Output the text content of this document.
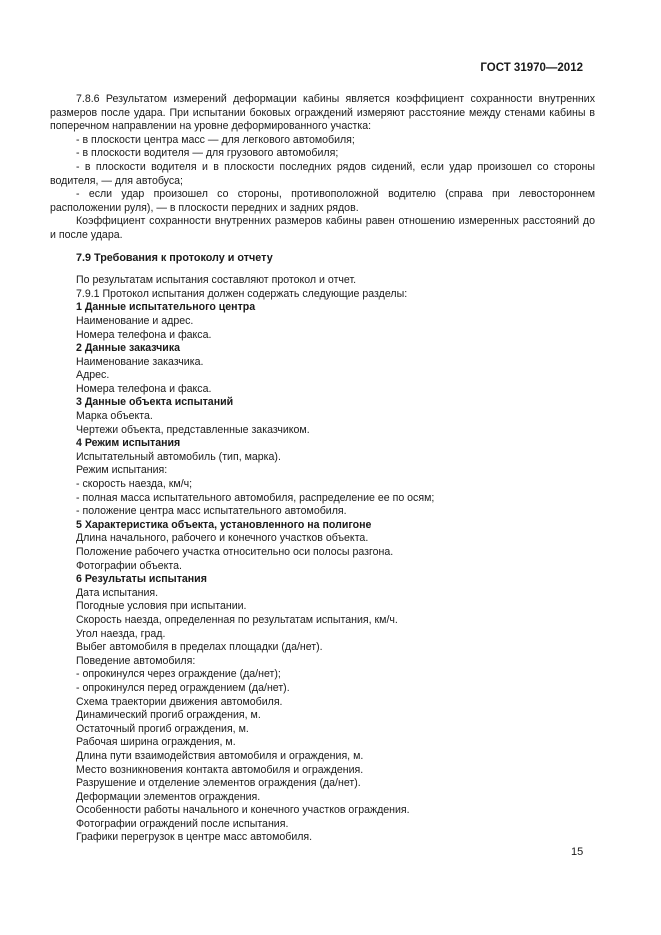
ГОСТ 31970—2012

7.8.6 Результатом измерений деформации кабины является коэффициент сохранности внутренних размеров после удара. При испытании боковых ограждений измеряют расстояние между стенами кабины в поперечном направлении на уровне деформированного участка:

- в плоскости центра масс — для легкового автомобиля;

- в плоскости водителя — для грузового автомобиля;

- в плоскости водителя и в плоскости последних рядов сидений, если удар произошел со стороны водителя, — для автобуса;

- если удар произошел со стороны, противоположной водителю (справа при левостороннем расположении руля), — в плоскости передних и задних рядов.

Коэффициент сохранности внутренних размеров кабины равен отношению измеренных расстояний до и после удара.

7.9 Требования к протоколу и отчету
По результатам испытания составляют протокол и отчет.
7.9.1 Протокол испытания должен содержать следующие разделы:
1 Данные испытательного центра
Наименование и адрес.
Номера телефона и факса.
2 Данные заказчика
Наименование заказчика.
Адрес.
Номера телефона и факса.
3 Данные объекта испытаний
Марка объекта.
Чертежи объекта, представленные заказчиком.
4 Режим испытания
Испытательный автомобиль (тип, марка).
Режим испытания:
- скорость наезда, км/ч;
- полная масса испытательного автомобиля, распределение ее по осям;
- положение центра масс испытательного автомобиля.
5 Характеристика объекта, установленного на полигоне
Длина начального, рабочего и конечного участков объекта.
Положение рабочего участка относительно оси полосы разгона.
Фотографии объекта.
6 Результаты испытания
Дата испытания.
Погодные условия при испытании.
Скорость наезда, определенная по результатам испытания, км/ч.
Угол наезда, град.
Выбег автомобиля в пределах площадки (да/нет).
Поведение автомобиля:
- опрокинулся через ограждение (да/нет);
- опрокинулся перед ограждением (да/нет).
Схема траектории движения автомобиля.
Динамический прогиб ограждения, м.
Остаточный прогиб ограждения, м.
Рабочая ширина ограждения, м.
Длина пути взаимодействия автомобиля и ограждения, м.
Место возникновения контакта автомобиля и ограждения.
Разрушение и отделение элементов ограждения (да/нет).
Деформации элементов ограждения.
Особенности работы начального и конечного участков ограждения.
Фотографии ограждений после испытания.
Графики перегрузок в центре масс автомобиля.
15
